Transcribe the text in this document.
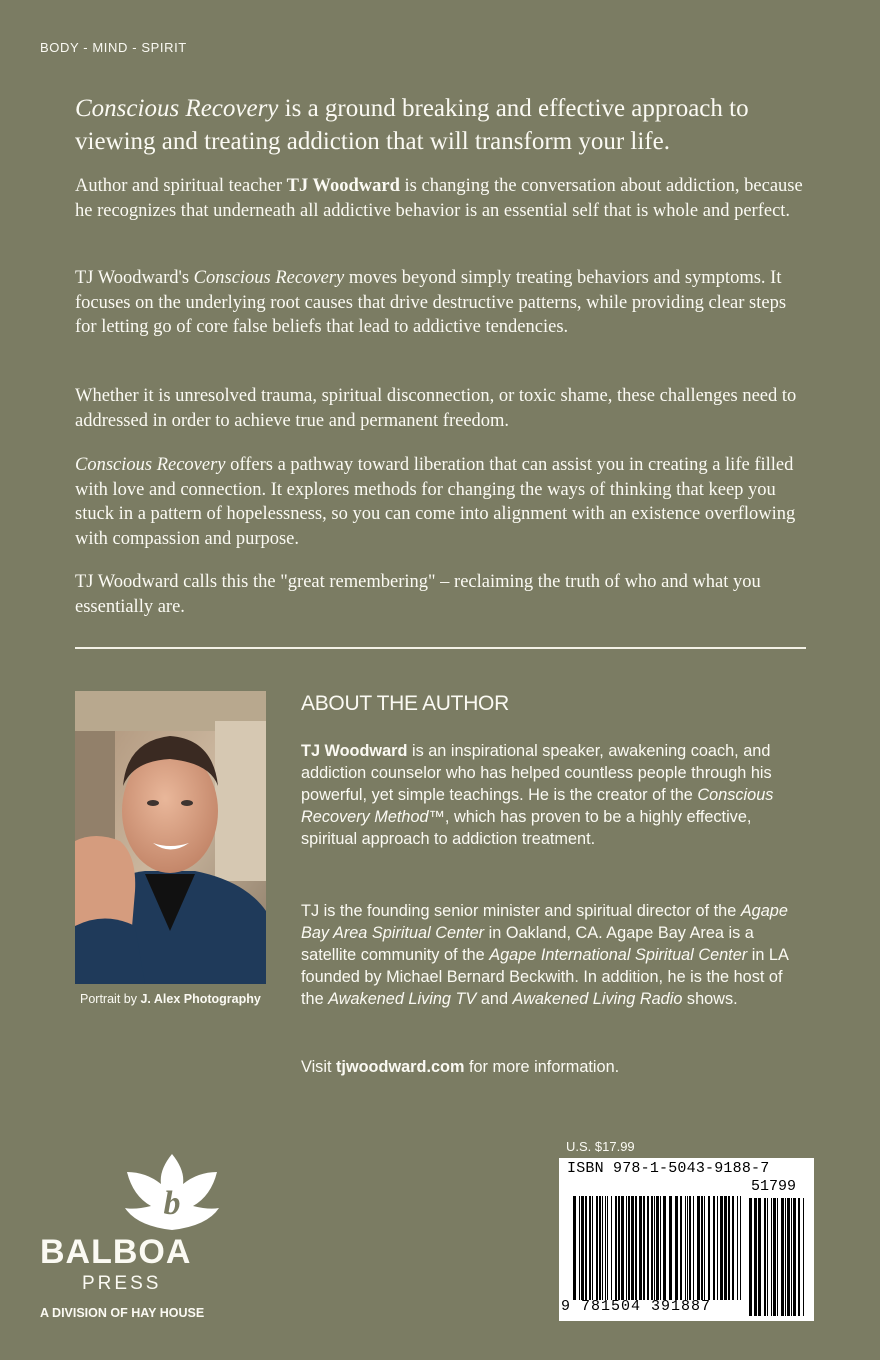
BODY - MIND - SPIRIT

Conscious Recovery is a ground breaking and effective approach to viewing and treating addiction that will transform your life.

Author and spiritual teacher TJ Woodward is changing the conversation about addiction, because he recognizes that underneath all addictive behavior is an essential self that is whole and perfect.

TJ Woodward's Conscious Recovery moves beyond simply treating behaviors and symptoms. It focuses on the underlying root causes that drive destructive patterns, while providing clear steps for letting go of core false beliefs that lead to addictive tendencies.

Whether it is unresolved trauma, spiritual disconnection, or toxic shame, these challenges need to addressed in order to achieve true and permanent freedom.

Conscious Recovery offers a pathway toward liberation that can assist you in creating a life filled with love and connection. It explores methods for changing the ways of thinking that keep you stuck in a pattern of hopelessness, so you can come into alignment with an existence overflowing with compassion and purpose.

TJ Woodward calls this the "great remembering" – reclaiming the truth of who and what you essentially are.

Portrait by J. Alex Photography
ABOUT THE AUTHOR

TJ Woodward is an inspirational speaker, awakening coach, and addiction counselor who has helped countless people through his powerful, yet simple teachings. He is the creator of the Conscious Recovery Method™, which has proven to be a highly effective, spiritual approach to addiction treatment.

TJ is the founding senior minister and spiritual director of the Agape Bay Area Spiritual Center in Oakland, CA. Agape Bay Area is a satellite community of the Agape International Spiritual Center in LA founded by Michael Bernard Beckwith. In addition, he is the host of the Awakened Living TV and Awakened Living Radio shows.

Visit tjwoodward.com for more information.

U.S. $17.99
ISBN 978-1-5043-9188-7
51799
9 781504 391887
b
BALBOA
PRESS
A DIVISION OF HAY HOUSE
